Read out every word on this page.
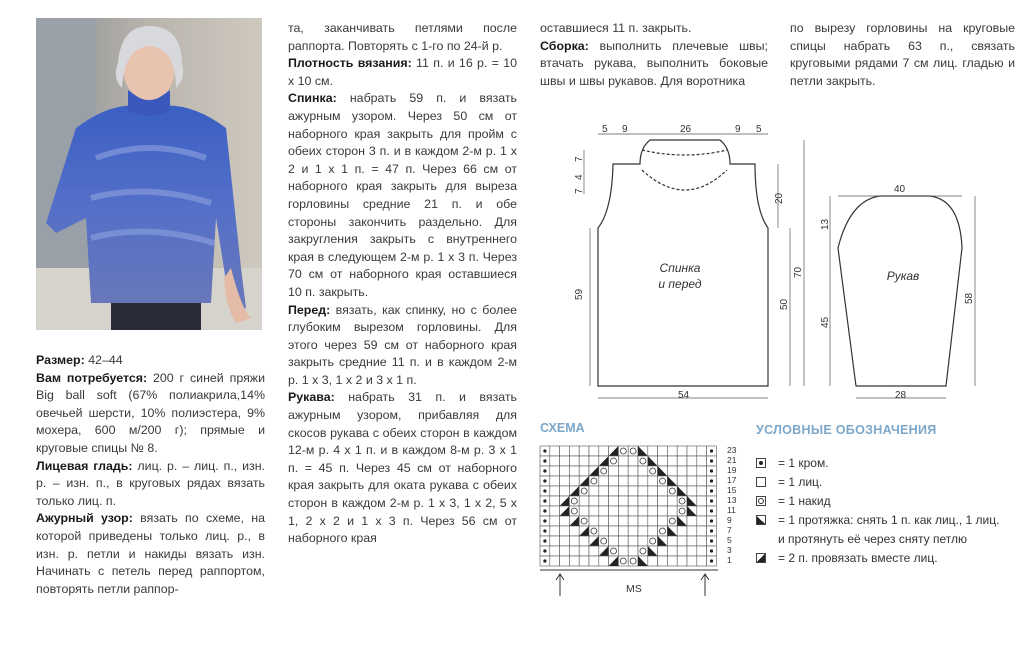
Размер: 42–44

Вам потребуется: 200 г синей пряжи Big ball soft (67% полиакрила,14% овечьей шерсти, 10% полиэстера, 9% мохера, 600 м/200 г); прямые и круговые спицы № 8.

Лицевая гладь: лиц. р. – лиц. п., изн. р. – изн. п., в круговых рядах вязать только лиц. п.

Ажурный узор: вязать по схеме, на которой приведены только лиц. р., в изн. р. петли и накиды вязать изн. Начинать с петель перед раппортом, повторять петли раппор-

та, заканчивать петлями после раппорта. Повторять с 1-го по 24-й р.

Плотность вязания: 11 п. и 16 р. = 10 х 10 см.

Спинка: набрать 59 п. и вязать ажурным узором. Через 50 см от наборного края закрыть для пройм с обеих сторон 3 п. и в каждом 2-м р. 1 х 2 и 1 х 1 п. = 47 п. Через 66 см от наборного края закрыть для выреза горловины средние 21 п. и обе стороны закончить раздельно. Для закругления закрыть с внутреннего края в следующем 2-м р. 1 х 3 п. Через 70 см от наборного края оставшиеся 10 п. закрыть.

Перед: вязать, как спинку, но с более глубоким вырезом горловины. Для этого через 59 см от наборного края закрыть средние 11 п. и в каждом 2-м р. 1 х 3, 1 х 2 и 3 х 1 п.

Рукава: набрать 31 п. и вязать ажурным узором, прибавляя для скосов рукава с обеих сторон в каждом 12-м р. 4 х 1 п. и в каждом 8-м р. 3 х 1 п. = 45 п. Через 45 см от наборного края закрыть для оката рукава с обеих сторон в каждом 2-м р. 1 х 3, 1 х 2, 5 х 1, 2 х 2 и 1 х 3 п. Через 56 см от наборного края

оставшиеся 11 п. закрыть.

Сборка: выполнить плечевые швы; втачать рукава, выполнить боковые швы и швы рукавов. Для воротника

по вырезу горловины на круговые спицы набрать 63 п., связать круговыми рядами 7 см лиц. гладью и петли закрыть.

5 9	26	9 5
7
4
7
59
20
50
70
54
40
13
45
58
28
Спинка
и перед
Рукав
СХЕМА
23
21
19
17
15
13
11
9
7
5
3
1
MS
УСЛОВНЫЕ ОБОЗНАЧЕНИЯ
= 1 кром.
= 1 лиц.
= 1 накид
= 1 протяжка: снять 1 п. как лиц., 1 лиц. и протянуть её через сняту петлю
= 2 п. провязать вместе лиц.
